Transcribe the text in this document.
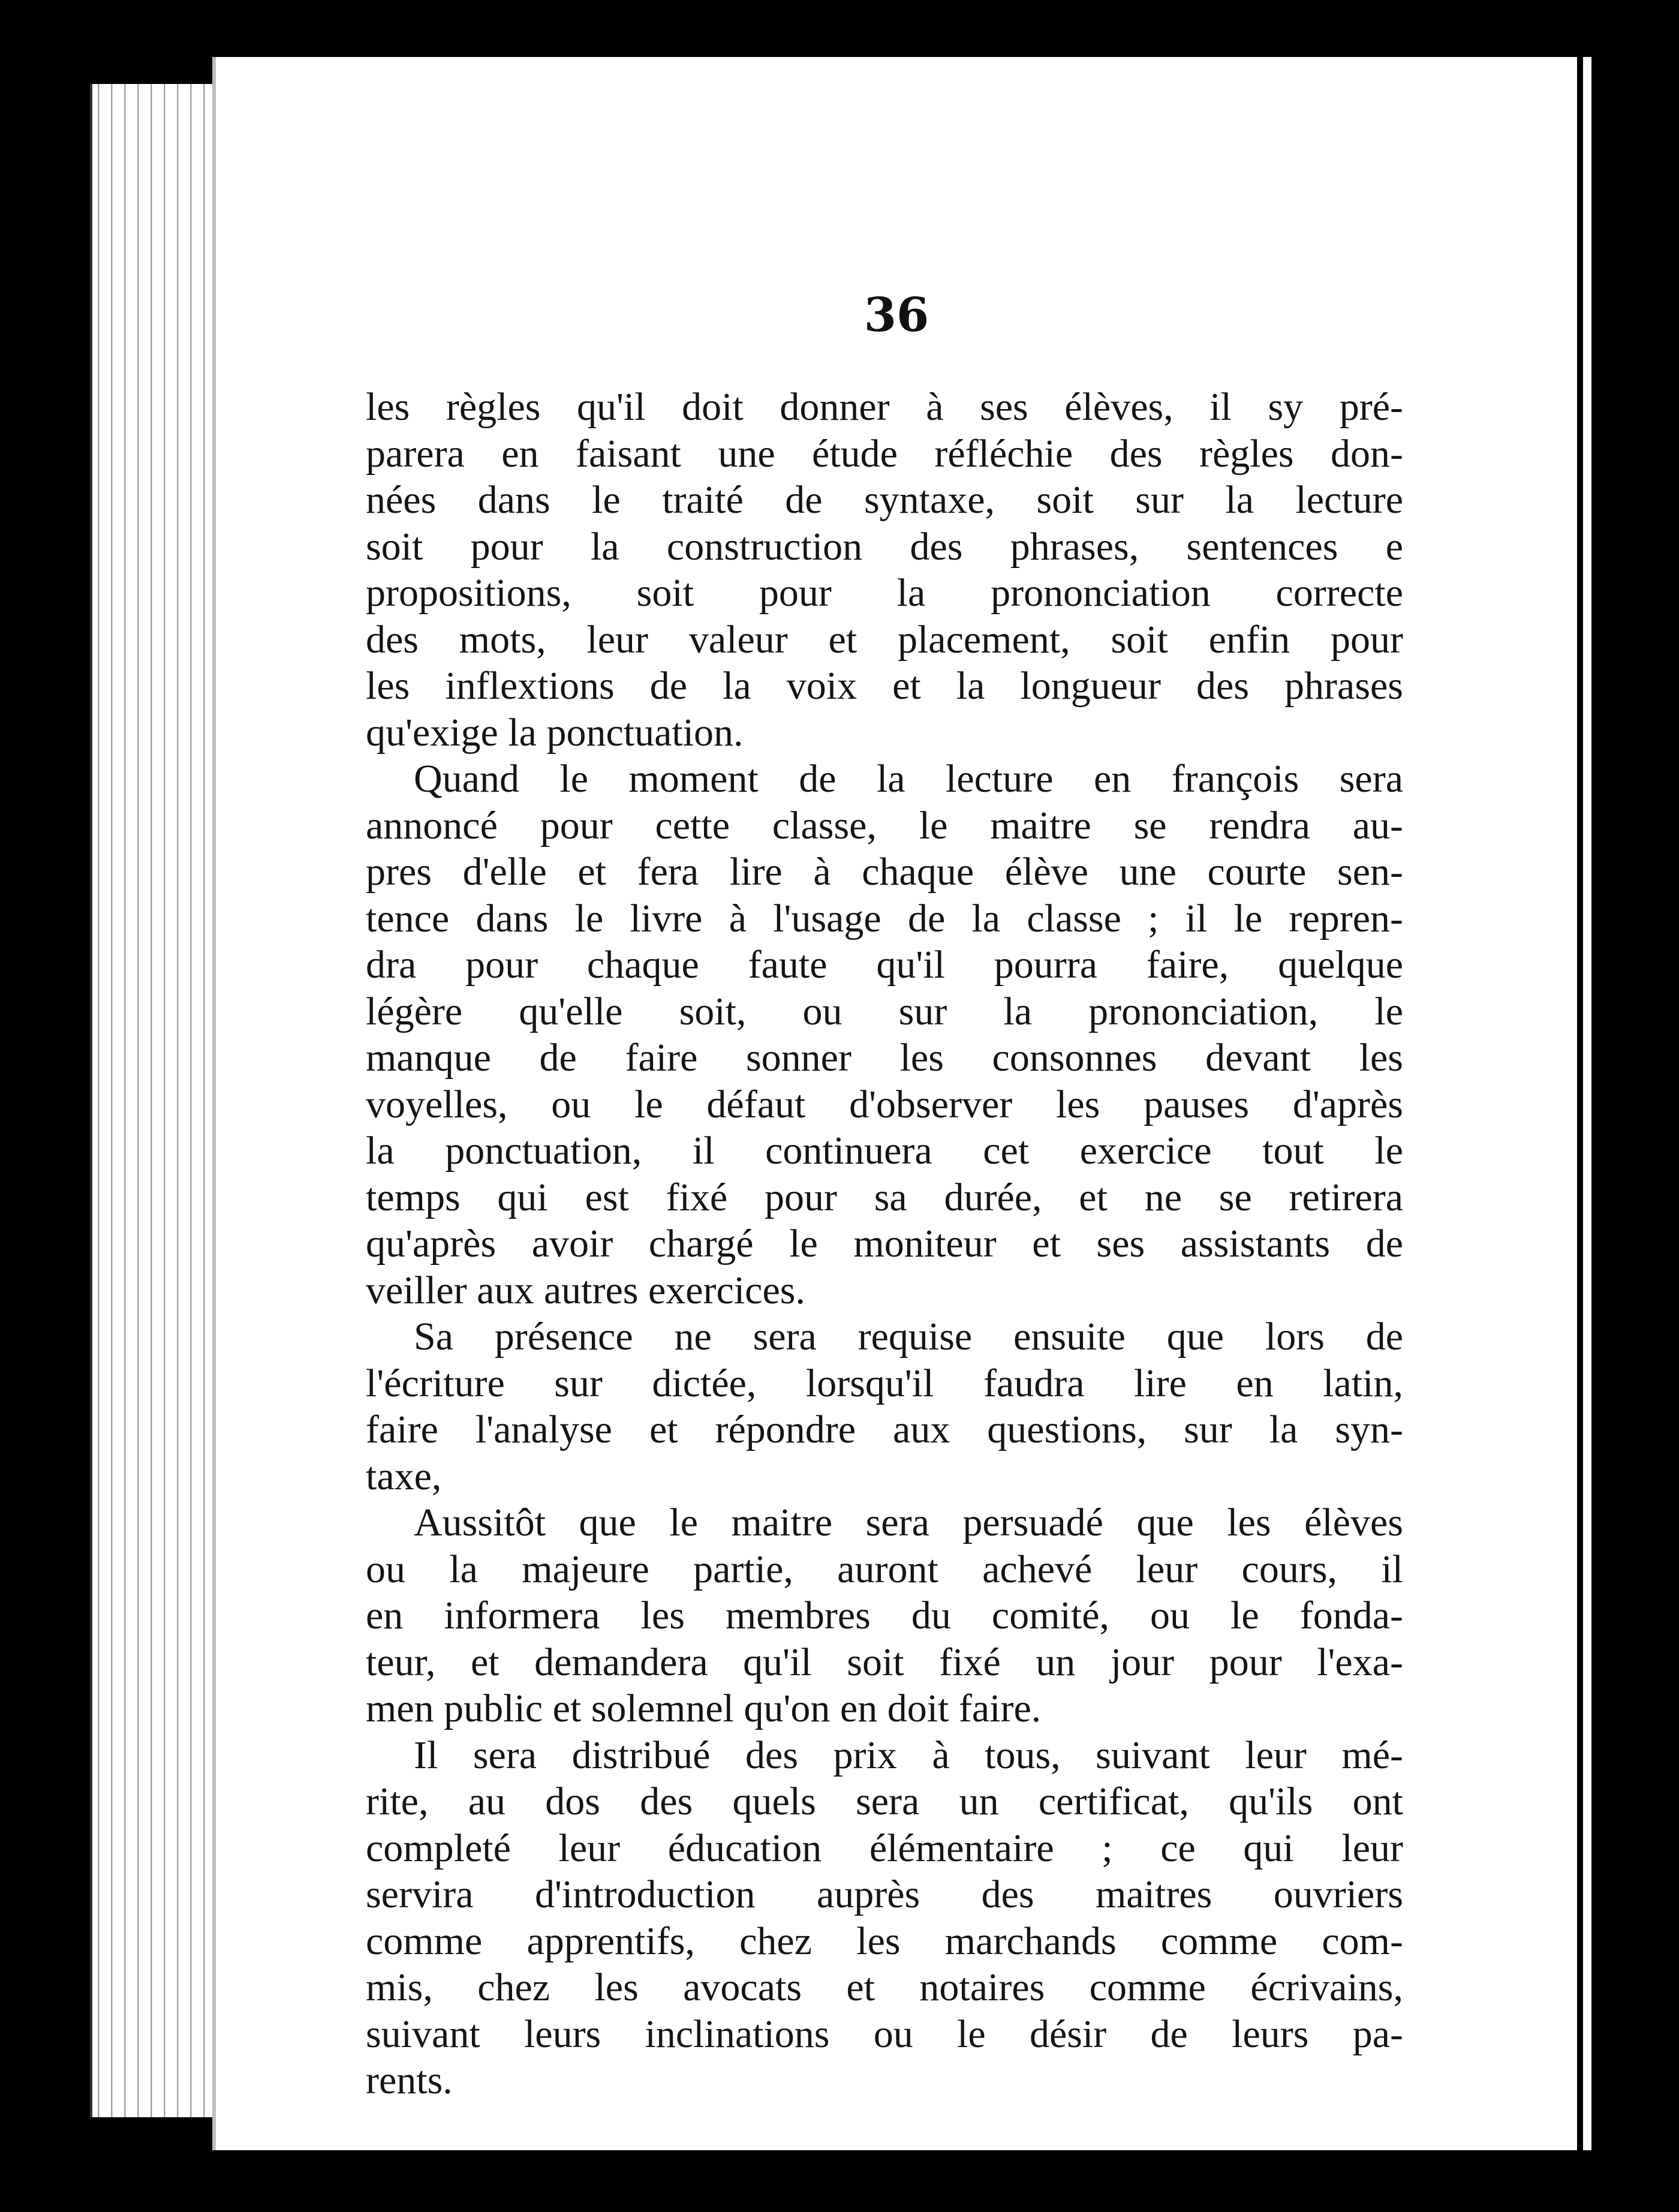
36

les règles qu'il doit donner à ses élèves, il sy pré-
parera en faisant une étude réfléchie des règles don-
nées dans le traité de syntaxe, soit sur la lecture
soit pour la construction des phrases, sentences e
propositions, soit pour la prononciation correcte
des mots, leur valeur et placement, soit enfin pour
les inflextions de la voix et la longueur des phrases
qu'exige la ponctuation.

Quand le moment de la lecture en françois sera
annoncé pour cette classe, le maitre se rendra au-
pres d'elle et fera lire à chaque élève une courte sen-
tence dans le livre à l'usage de la classe ; il le repren-
dra pour chaque faute qu'il pourra faire, quelque
légère qu'elle soit, ou sur la prononciation, le
manque de faire sonner les consonnes devant les
voyelles, ou le défaut d'observer les pauses d'après
la ponctuation, il continuera cet exercice tout le
temps qui est fixé pour sa durée, et ne se retirera
qu'après avoir chargé le moniteur et ses assistants de
veiller aux autres exercices.

Sa présence ne sera requise ensuite que lors de
l'écriture sur dictée, lorsqu'il faudra lire en latin,
faire l'analyse et répondre aux questions, sur la syn-
taxe,

Aussitôt que le maitre sera persuadé que les élèves
ou la majeure partie, auront achevé leur cours, il
en informera les membres du comité, ou le fonda-
teur, et demandera qu'il soit fixé un jour pour l'exa-
men public et solemnel qu'on en doit faire.

Il sera distribué des prix à tous, suivant leur mé-
rite, au dos des quels sera un certificat, qu'ils ont
completé leur éducation élémentaire ; ce qui leur
servira d'introduction auprès des maitres ouvriers
comme apprentifs, chez les marchands comme com-
mis, chez les avocats et notaires comme écrivains,
suivant leurs inclinations ou le désir de leurs pa-
rents.
